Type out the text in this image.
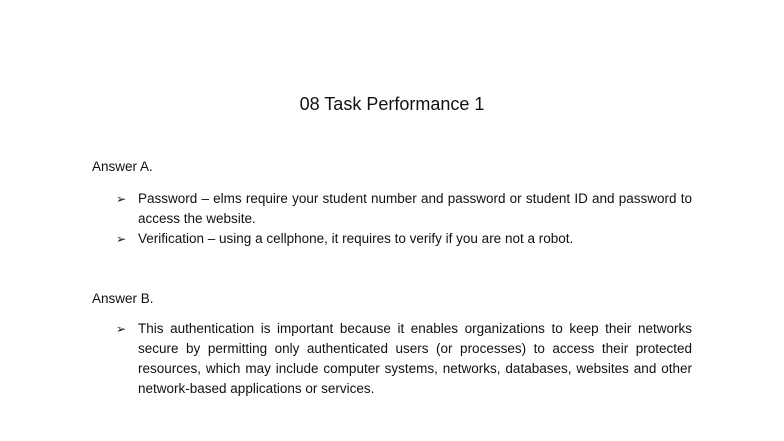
08 Task Performance 1

Answer A.

➢ Password – elms require your student number and password or student ID and password to access the website.
➢ Verification – using a cellphone, it requires to verify if you are not a robot.

Answer B.

➢ This authentication is important because it enables organizations to keep their networks secure by permitting only authenticated users (or processes) to access their protected resources, which may include computer systems, networks, databases, websites and other network-based applications or services.
